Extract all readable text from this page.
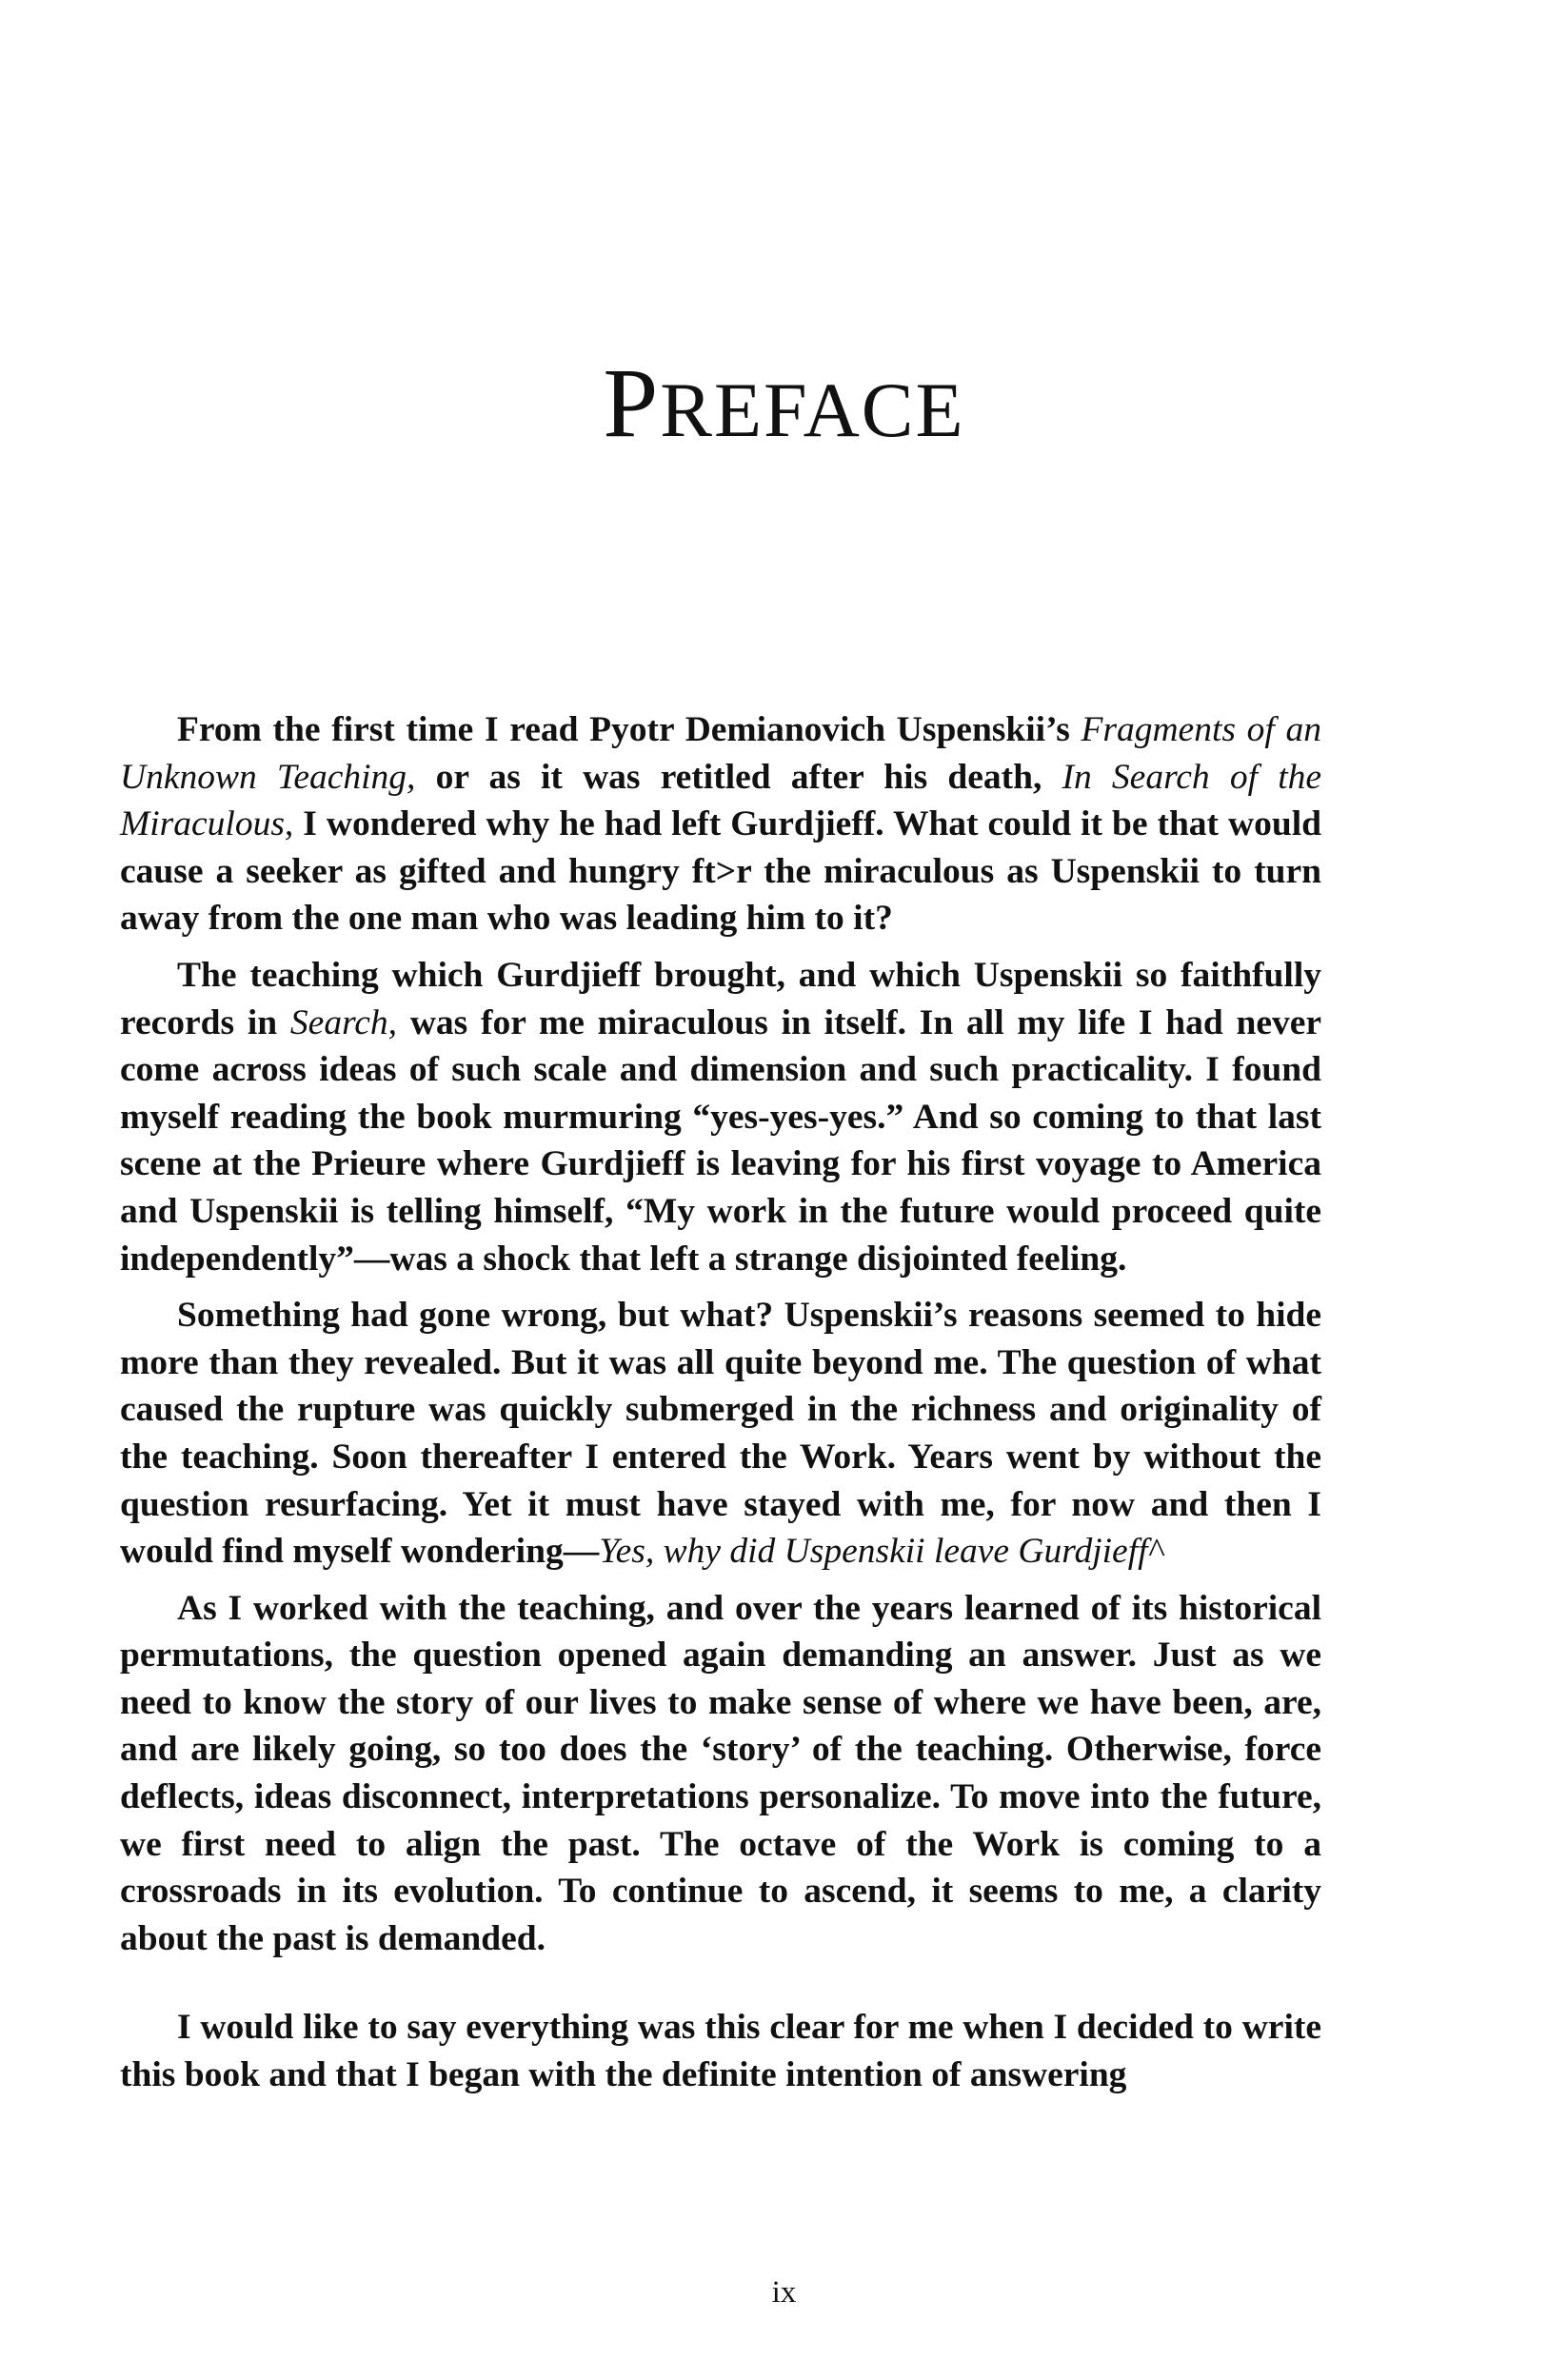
PREFACE

From the first time I read Pyotr Demianovich Uspenskii’s Fragments of an Unknown Teaching, or as it was retitled after his death, In Search of the Miraculous, I wondered why he had left Gurdjieff. What could it be that would cause a seeker as gifted and hungry ft>r the miraculous as Uspenskii to turn away from the one man who was leading him to it?

The teaching which Gurdjieff brought, and which Uspenskii so faithfully records in Search, was for me miraculous in itself. In all my life I had never come across ideas of such scale and dimension and such practicality. I found myself reading the book murmuring “yes-yes-yes.” And so coming to that last scene at the Prieure where Gurdjieff is leaving for his first voyage to America and Uspenskii is telling himself, “My work in the future would proceed quite independently”—was a shock that left a strange disjointed feeling.

Something had gone wrong, but what? Uspenskii’s reasons seemed to hide more than they revealed. But it was all quite beyond me. The question of what caused the rupture was quickly submerged in the richness and originality of the teaching. Soon thereafter I entered the Work. Years went by without the question resurfacing. Yet it must have stayed with me, for now and then I would find myself wondering—Yes, why did Uspenskii leave Gurdjieff^

As I worked with the teaching, and over the years learned of its historical permutations, the question opened again demanding an answer. Just as we need to know the story of our lives to make sense of where we have been, are, and are likely going, so too does the ‘story’ of the teaching. Otherwise, force deflects, ideas disconnect, interpretations personalize. To move into the future, we first need to align the past. The octave of the Work is coming to a crossroads in its evolution. To continue to ascend, it seems to me, a clarity about the past is demanded.

I would like to say everything was this clear for me when I decided to write this book and that I began with the definite intention of answering

ix
